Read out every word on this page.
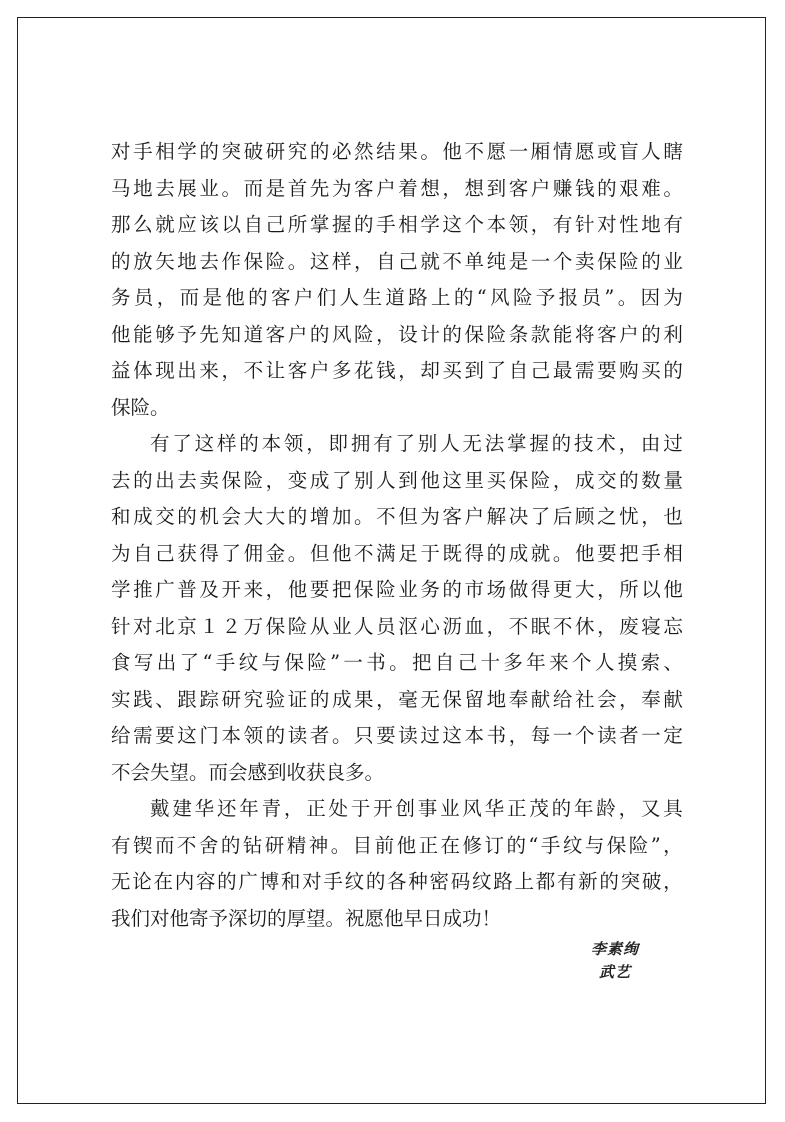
对 手 相 学 的 突 破 研 究 的 必 然 结 果 。 他 不 愿 一 厢 情 愿 或 盲 人 瞎
马 地 去 展 业 。 而 是 首 先 为 客 户 着 想 ， 想 到 客 户 赚 钱 的 艰 难 。
那 么 就 应 该 以 自 己 所 掌 握 的 手 相 学 这 个 本 领 ， 有 针 对 性 地 有
的 放 矢 地 去 作 保 险 。 这 样 ， 自 己 就 不 单 纯 是 一 个 卖 保 险 的 业
务 员 ， 而 是 他 的 客 户 们 人 生 道 路 上 的 “ 风 险 予 报 员 ” 。 因 为
他 能 够 予 先 知 道 客 户 的 风 险 ， 设 计 的 保 险 条 款 能 将 客 户 的 利
益 体 现 出 来 ， 不 让 客 户 多 花 钱 ， 却 买 到 了 自 己 最 需 要 购 买 的
保险。
有 了 这 样 的 本 领 ， 即 拥 有 了 别 人 无 法 掌 握 的 技 术 ， 由 过
去 的 出 去 卖 保 险 ， 变 成 了 别 人 到 他 这 里 买 保 险 ， 成 交 的 数 量
和 成 交 的 机 会 大 大 的 增 加 。 不 但 为 客 户 解 决 了 后 顾 之 忧 ， 也
为 自 己 获 得 了 佣 金 。 但 他 不 满 足 于 既 得 的 成 就 。 他 要 把 手 相
学 推 广 普 及 开 来 ， 他 要 把 保 险 业 务 的 市 场 做 得 更 大 ， 所 以 他
针 对 北 京 １ ２ 万 保 险 从 业 人 员 沤 心 沥 血 ， 不 眠 不 休 ， 废 寝 忘
食 写 出 了 “ 手 纹 与 保 险 ” 一 书 。 把 自 己 十 多 年 来 个 人 摸 索 、
实 践 、 跟 踪 研 究 验 证 的 成 果 ， 毫 无 保 留 地 奉 献 给 社 会 ， 奉 献
给 需 要 这 门 本 领 的 读 者 。 只 要 读 过 这 本 书 ， 每 一 个 读 者 一 定
不会失望。而会感到收获良多。
戴 建 华 还 年 青 ， 正 处 于 开 创 事 业 风 华 正 茂 的 年 龄 ， 又 具
有 锲 而 不 舍 的 钻 研 精 神 。 目 前 他 正 在 修 订 的 “ 手 纹 与 保 险 ” ，
无 论 在 内 容 的 广 博 和 对 手 纹 的 各 种 密 码 纹 路 上 都 有 新 的 突 破 ，
我们对他寄予深切的厚望。祝愿他早日成功！
李素绚
武艺
